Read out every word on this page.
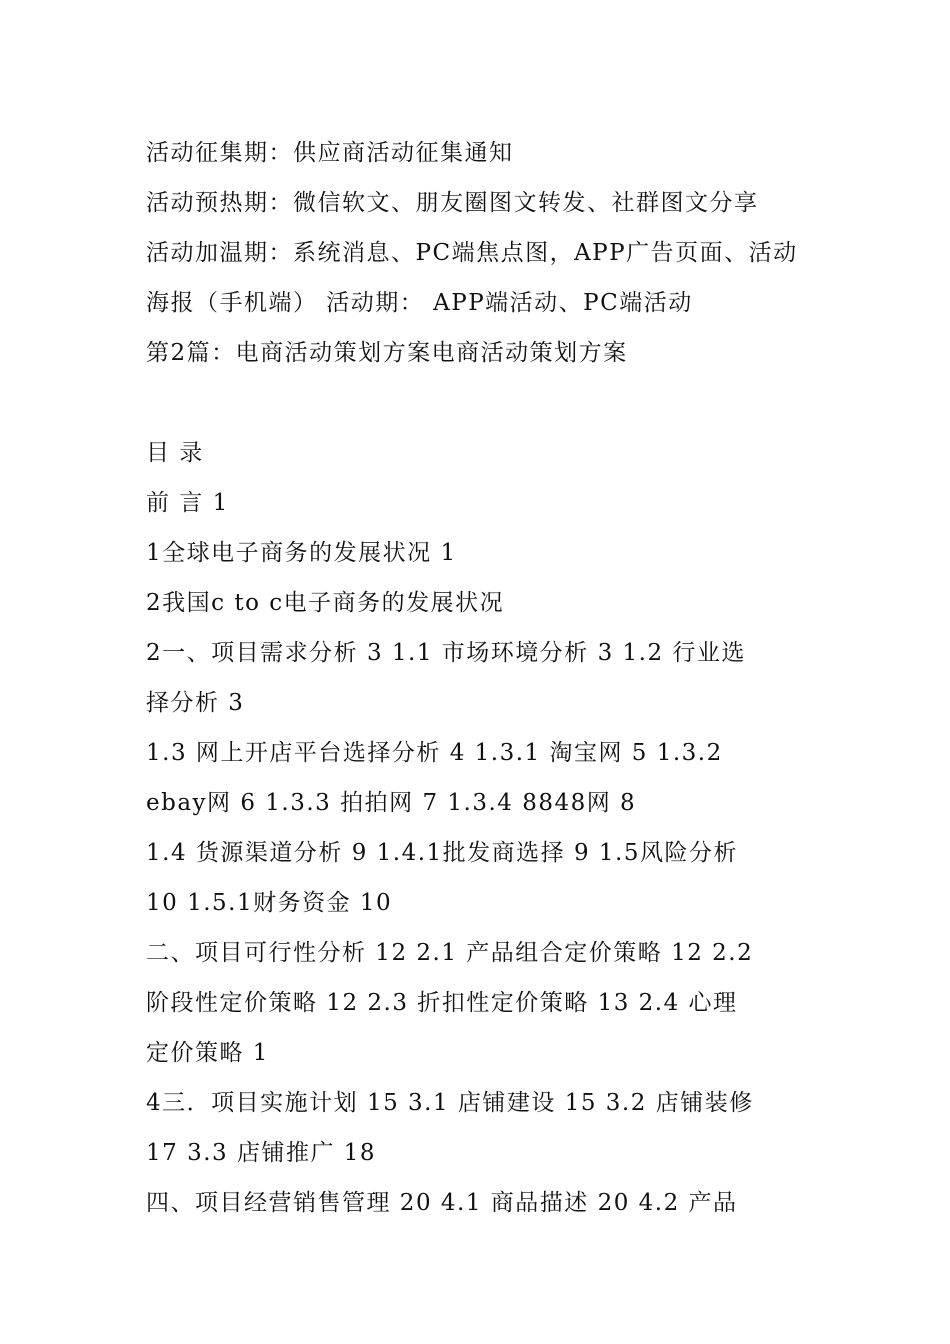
活动征集期：供应商活动征集通知
活动预热期：微信软文、朋友圈图文转发、社群图文分享
活动加温期：系统消息、PC端焦点图，APP广告页面、活动
海报（手机端） 活动期： APP端活动、PC端活动
第2篇：电商活动策划方案电商活动策划方案
目 录
前 言 1
1全球电子商务的发展状况 1
2我国c to c电子商务的发展状况
2一、项目需求分析 3 1.1 市场环境分析 3 1.2 行业选
择分析 3
1.3 网上开店平台选择分析 4 1.3.1 淘宝网 5 1.3.2
ebay网 6 1.3.3 拍拍网 7 1.3.4 8848网 8
1.4 货源渠道分析 9 1.4.1批发商选择 9 1.5风险分析
10 1.5.1财务资金 10
二、项目可行性分析 12 2.1 产品组合定价策略 12 2.2
阶段性定价策略 12 2.3 折扣性定价策略 13 2.4 心理
定价策略 1
4三．项目实施计划 15 3.1 店铺建设 15 3.2 店铺装修
17 3.3 店铺推广 18
四、项目经营销售管理 20 4.1 商品描述 20 4.2 产品
